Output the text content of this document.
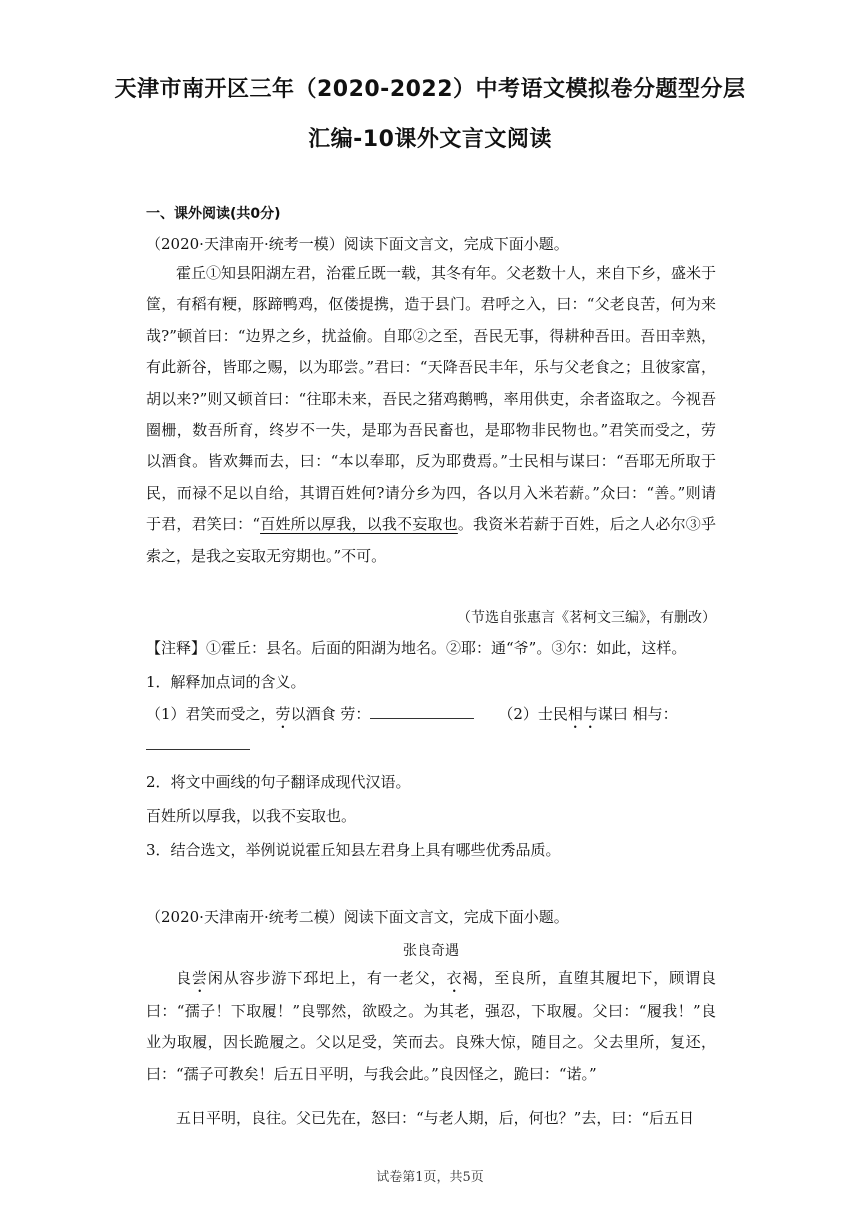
天津市南开区三年（2020-2022）中考语文模拟卷分题型分层
汇编-10课外文言文阅读
一、课外阅读(共0分)
（2020·天津南开·统考一模）阅读下面文言文，完成下面小题。
霍丘①知县阳湖左君，治霍丘既一载，其冬有年。父老数十人，来自下乡，盛米于筐，有稻有粳，豚蹄鸭鸡，伛偻提携，造于县门。君呼之入，曰：“父老良苦，何为来哉?”顿首曰：“边界之乡，扰益偷。自耶②之至，吾民无事，得耕种吾田。吾田幸熟，有此新谷，皆耶之赐，以为耶尝。”君曰：“天降吾民丰年，乐与父老食之；且彼家富，胡以来?”则又顿首曰：“往耶未来，吾民之猪鸡鹅鸭，率用供吏，余者盗取之。今视吾圈栅，数吾所育，终岁不一失，是耶为吾民畜也，是耶物非民物也。”君笑而受之，劳以酒食。皆欢舞而去，曰：“本以奉耶，反为耶费焉。”士民相与谋曰：“吾耶无所取于民，而禄不足以自给，其谓百姓何?请分乡为四，各以月入米若薪。”众曰：“善。”则请于君，君笑曰：“百姓所以厚我，以我不妄取也。我资米若薪于百姓，后之人必尔③乎索之，是我之妄取无穷期也。”不可。
（节选自张惠言《茗柯文三编》，有删改）
【注释】①霍丘：县名。后面的阳湖为地名。②耶：通“爷”。③尔：如此，这样。
1．解释加点词的含义。
（1）君笑而受之，劳以酒食 劳：	（2）士民相与谋曰 相与：
2．将文中画线的句子翻译成现代汉语。
百姓所以厚我，以我不妄取也。
3．结合选文，举例说说霍丘知县左君身上具有哪些优秀品质。
（2020·天津南开·统考二模）阅读下面文言文，完成下面小题。
张良奇遇
良尝闲从容步游下邳圯上，有一老父，衣褐，至良所，直堕其履圯下，顾谓良曰：“孺子！下取履！”良鄂然，欲殴之。为其老，强忍，下取履。父曰：“履我！”良业为取履，因长跪履之。父以足受，笑而去。良殊大惊，随目之。父去里所，复还，曰：“孺子可教矣！后五日平明，与我会此。”良因怪之，跪曰：“诺。”
五日平明，良往。父已先在，怒曰：“与老人期，后，何也？”去，曰：“后五日
试卷第1页，共5页
